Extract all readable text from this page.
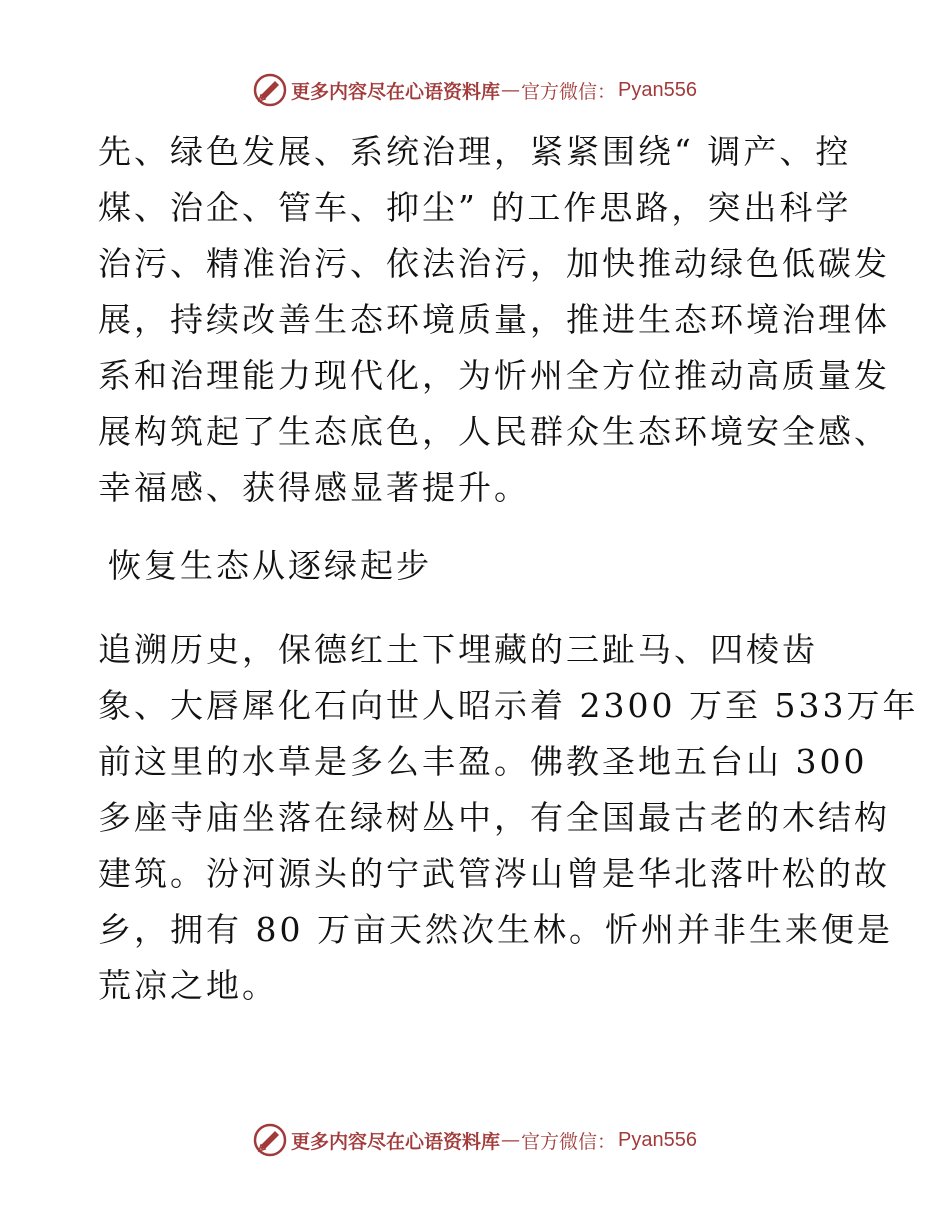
更多内容尽在心语资料库 — 官方微信： Pyan556
先、绿色发展、系统治理，紧紧围绕“ 调产、控
煤、治企、管车、抑尘” 的工作思路，突出科学
治污、精准治污、依法治污，加快推动绿色低碳发
展，持续改善生态环境质量，推进生态环境治理体
系和治理能力现代化，为忻州全方位推动高质量发
展构筑起了生态底色，人民群众生态环境安全感、
幸福感、获得感显著提升。
恢复生态从逐绿起步
追溯历史，保德红土下埋藏的三趾马、四棱齿
象、大唇犀化石向世人昭示着 2300 万至 533万年
前这里的水草是多么丰盈。佛教圣地五台山 300
多座寺庙坐落在绿树丛中，有全国最古老的木结构
建筑。汾河源头的宁武管涔山曾是华北落叶松的故
乡，拥有 80 万亩天然次生林。忻州并非生来便是
荒凉之地。
更多内容尽在心语资料库 — 官方微信： Pyan556
